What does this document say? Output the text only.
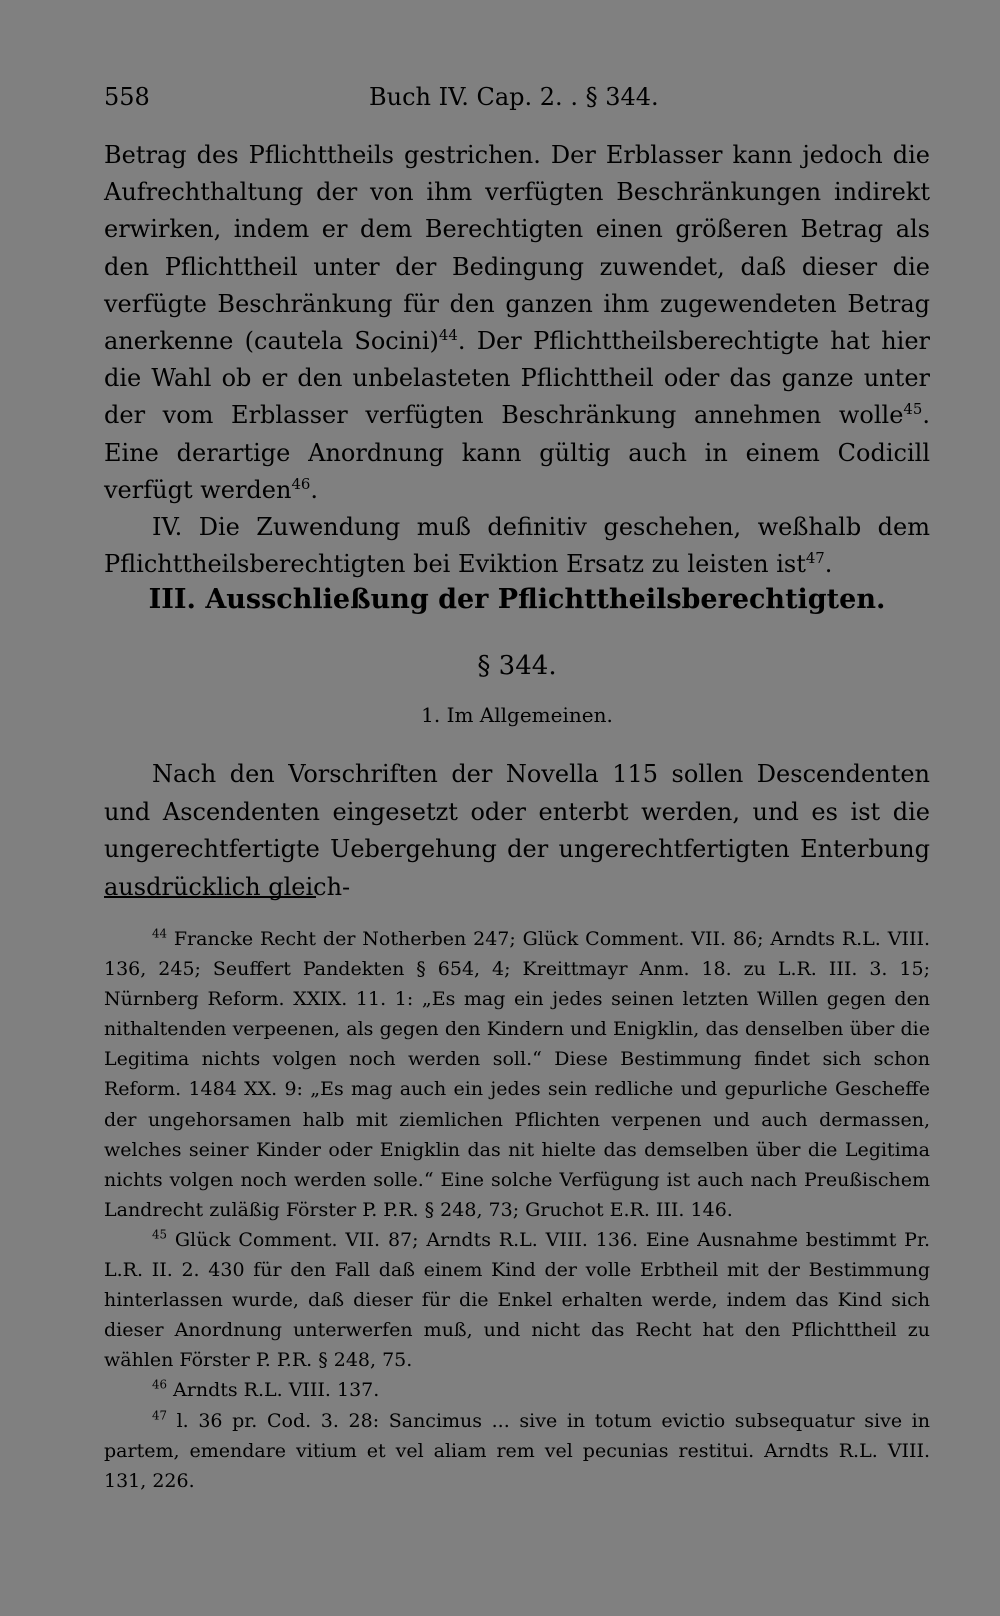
558	Buch IV. Cap. 2. . § 344.

Betrag des Pflichttheils gestrichen. Der Erblasser kann jedoch die Aufrechthaltung der von ihm verfügten Beschränkungen indirekt erwirken, indem er dem Berechtigten einen größeren Betrag als den Pflichttheil unter der Bedingung zuwendet, daß dieser die verfügte Beschränkung für den ganzen ihm zugewendeten Betrag anerkenne (cautela Socini)$^{44}$. Der Pflichttheilsberechtigte hat hier die Wahl ob er den unbelasteten Pflichttheil oder das ganze unter der vom Erblasser verfügten Beschränkung annehmen wolle$^{45}$. Eine derartige Anordnung kann gültig auch in einem Codicill verfügt werden$^{46}$.

IV. Die Zuwendung muß definitiv geschehen, weßhalb dem Pflichttheilsberechtigten bei Eviktion Ersatz zu leisten ist$^{47}$.

III. Ausschließung der Pflichttheilsberechtigten.
§ 344.
1. Im Allgemeinen.

Nach den Vorschriften der Novella 115 sollen Descendenten und Ascendenten eingesetzt oder enterbt werden, und es ist die ungerechtfertigte Uebergehung der ungerechtfertigten Enterbung ausdrücklich gleich-

$^{44}$ Francke Recht der Notherben 247; Glück Comment. VII. 86; Arndts R.L. VIII. 136, 245; Seuffert Pandekten § 654, 4; Kreittmayr Anm. 18. zu L.R. III. 3. 15; Nürnberg Reform. XXIX. 11. 1: „Es mag ein jedes seinen letzten Willen gegen den nithaltenden verpeenen, als gegen den Kindern und Enigklin, das denselben über die Legitima nichts volgen noch werden soll.“ Diese Bestimmung findet sich schon Reform. 1484 XX. 9: „Es mag auch ein jedes sein redliche und gepurliche Gescheffe der ungehorsamen halb mit ziemlichen Pflichten verpenen und auch dermassen, welches seiner Kinder oder Enigklin das nit hielte das demselben über die Legitima nichts volgen noch werden solle.“ Eine solche Verfügung ist auch nach Preußischem Landrecht zuläßig Förster P. P.R. § 248, 73; Gruchot E.R. III. 146.

$^{45}$ Glück Comment. VII. 87; Arndts R.L. VIII. 136. Eine Ausnahme bestimmt Pr. L.R. II. 2. 430 für den Fall daß einem Kind der volle Erbtheil mit der Bestimmung hinterlassen wurde, daß dieser für die Enkel erhalten werde, indem das Kind sich dieser Anordnung unterwerfen muß, und nicht das Recht hat den Pflichttheil zu wählen Förster P. P.R. § 248, 75.

$^{46}$ Arndts R.L. VIII. 137.

$^{47}$ l. 36 pr. Cod. 3. 28: Sancimus ... sive in totum evictio subsequatur sive in partem, emendare vitium et vel aliam rem vel pecunias restitui. Arndts R.L. VIII. 131, 226.
